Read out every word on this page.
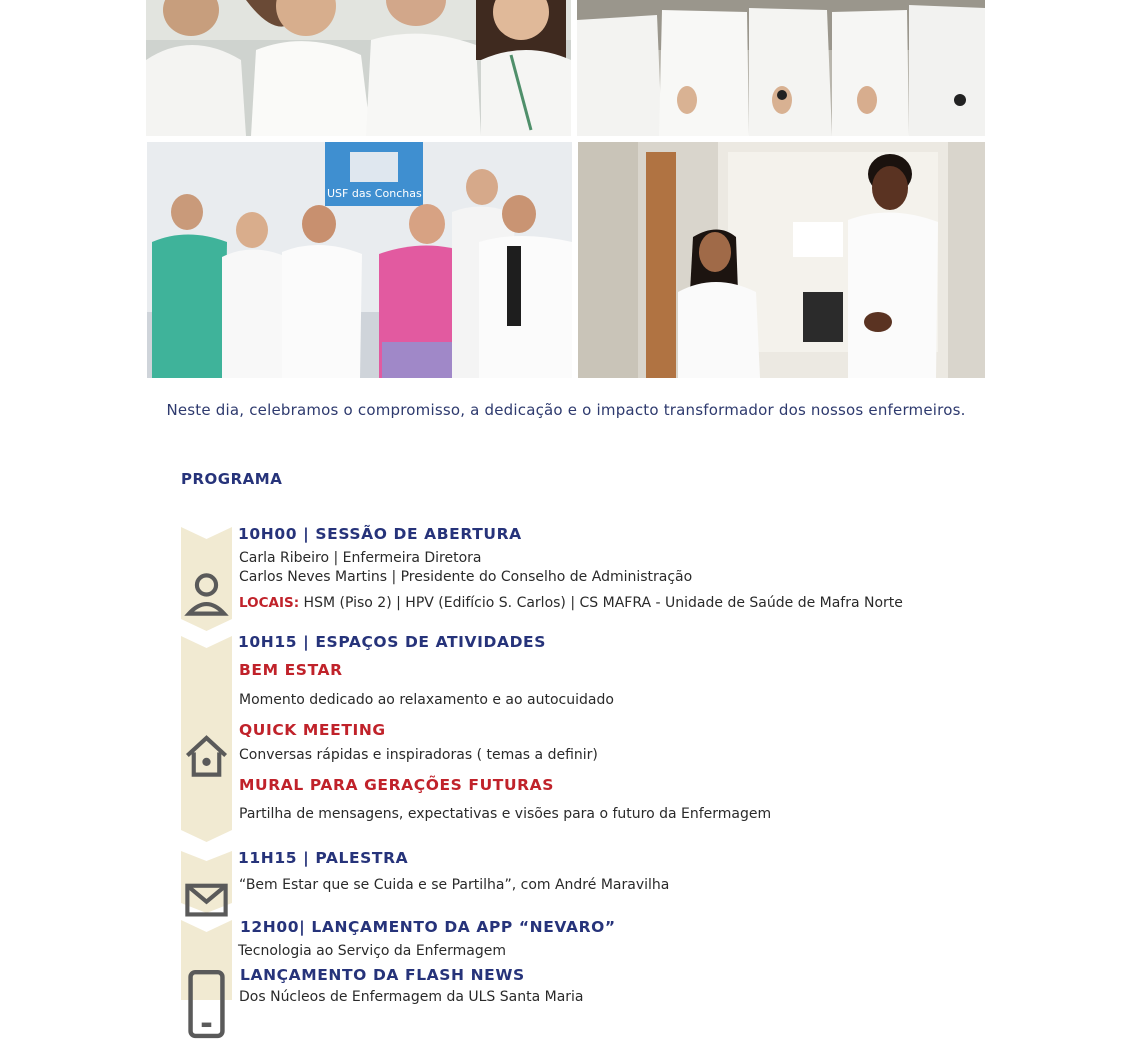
USF das Conchas
Neste dia, celebramos o compromisso, a dedicação e o impacto transformador dos nossos enfermeiros.
PROGRAMA
10H00 | SESSÃO DE ABERTURA
Carla Ribeiro | Enfermeira Diretora
Carlos Neves Martins | Presidente do Conselho de Administração
LOCAIS: HSM (Piso 2) | HPV (Edifício S. Carlos) | CS MAFRA - Unidade de Saúde de Mafra Norte
10H15 | ESPAÇOS DE ATIVIDADES
BEM ESTAR
Momento dedicado ao relaxamento e ao autocuidado
QUICK MEETING
Conversas rápidas e inspiradoras ( temas a definir)
MURAL PARA GERAÇÕES FUTURAS
Partilha de mensagens, expectativas e visões para o futuro da Enfermagem
11H15 | PALESTRA
“Bem Estar que se Cuida e se Partilha”, com André Maravilha
12H00| LANÇAMENTO DA APP “NEVARO”
Tecnologia ao Serviço da Enfermagem
LANÇAMENTO DA FLASH NEWS
Dos Núcleos de Enfermagem da ULS Santa Maria
